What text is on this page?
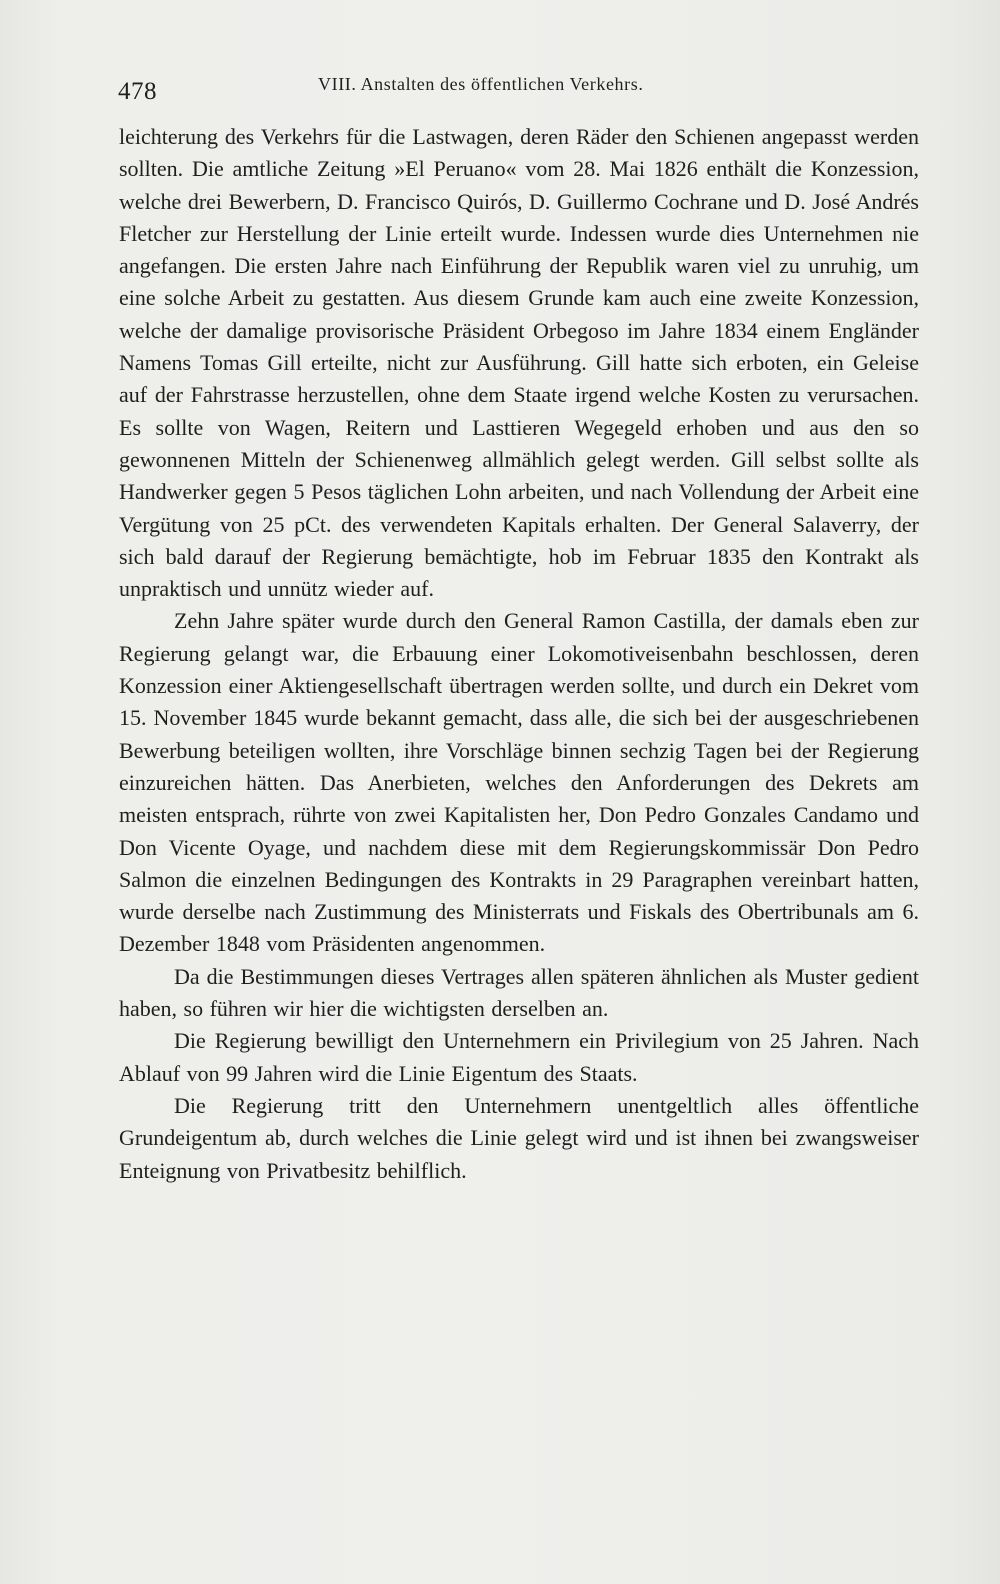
478	VIII. Anstalten des öffentlichen Verkehrs.

leichterung des Verkehrs für die Lastwagen, deren Räder den Schienen angepasst werden sollten. Die amtliche Zeitung »El Peruano« vom 28. Mai 1826 enthält die Konzession, welche drei Bewerbern, D. Francisco Quirós, D. Guillermo Cochrane und D. José Andrés Fletcher zur Herstellung der Linie erteilt wurde. Indessen wurde dies Unternehmen nie angefangen. Die ersten Jahre nach Einführung der Republik waren viel zu unruhig, um eine solche Arbeit zu gestatten. Aus diesem Grunde kam auch eine zweite Konzession, welche der damalige provisorische Präsident Orbegoso im Jahre 1834 einem Engländer Namens Tomas Gill erteilte, nicht zur Ausführung. Gill hatte sich erboten, ein Geleise auf der Fahrstrasse herzustellen, ohne dem Staate irgend welche Kosten zu verursachen. Es sollte von Wagen, Reitern und Lasttieren Wegegeld erhoben und aus den so gewonnenen Mitteln der Schienenweg allmählich gelegt werden. Gill selbst sollte als Handwerker gegen 5 Pesos täglichen Lohn arbeiten, und nach Vollendung der Arbeit eine Vergütung von 25 pCt. des verwendeten Kapitals erhalten. Der General Salaverry, der sich bald darauf der Regierung bemächtigte, hob im Februar 1835 den Kontrakt als unpraktisch und unnütz wieder auf.

Zehn Jahre später wurde durch den General Ramon Castilla, der damals eben zur Regierung gelangt war, die Erbauung einer Lokomotiveisenbahn beschlossen, deren Konzession einer Aktiengesellschaft übertragen werden sollte, und durch ein Dekret vom 15. November 1845 wurde bekannt gemacht, dass alle, die sich bei der ausgeschriebenen Bewerbung beteiligen wollten, ihre Vorschläge binnen sechzig Tagen bei der Regierung einzureichen hätten. Das Anerbieten, welches den Anforderungen des Dekrets am meisten entsprach, rührte von zwei Kapitalisten her, Don Pedro Gonzales Candamo und Don Vicente Oyage, und nachdem diese mit dem Regierungskommissär Don Pedro Salmon die einzelnen Bedingungen des Kontrakts in 29 Paragraphen vereinbart hatten, wurde derselbe nach Zustimmung des Ministerrats und Fiskals des Obertribunals am 6. Dezember 1848 vom Präsidenten angenommen.

Da die Bestimmungen dieses Vertrages allen späteren ähnlichen als Muster gedient haben, so führen wir hier die wichtigsten derselben an.

Die Regierung bewilligt den Unternehmern ein Privilegium von 25 Jahren. Nach Ablauf von 99 Jahren wird die Linie Eigentum des Staats.

Die Regierung tritt den Unternehmern unentgeltlich alles öffentliche Grundeigentum ab, durch welches die Linie gelegt wird und ist ihnen bei zwangsweiser Enteignung von Privatbesitz behilflich.
